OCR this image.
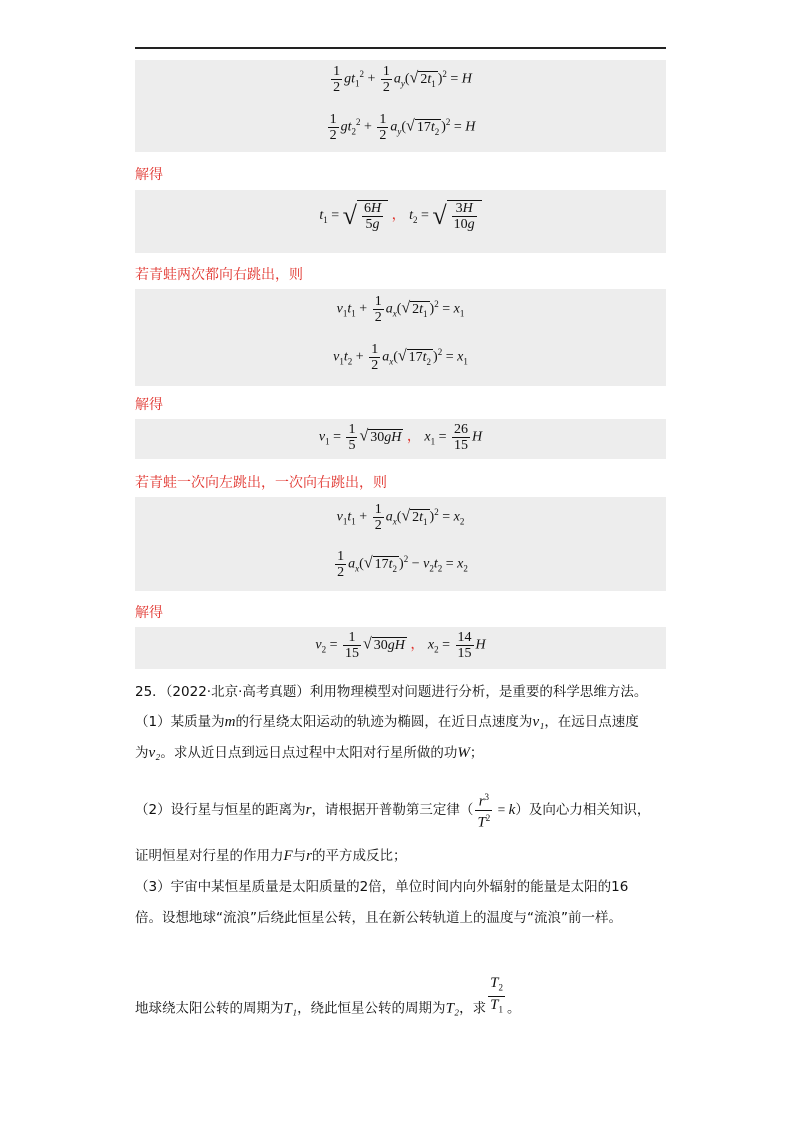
$\frac{1}{2} gt_1^2 + \frac{1}{2} a_y(√$ $2t_1$ )$^2$ = H
$\frac{1}{2} gt_2^2 + \frac{1}{2} a_y(√$ $17t_2$ )$^2$ = H
解得
$t_1$ = √ $\frac{6H}{5g}$ ， $t_2$ = √ $\frac{3H}{10g}$
若青蛙两次都向右跳出，则
$v_1t_1 + \frac{1}{2} a_x(√$ $2t_1$ )$^2 = x_1$
$v_1t_2 + \frac{1}{2} a_x(√$ $17t_2$ )$^2 = x_1$
解得
$v_1 = \frac{1}{5}$ √ 30gH ， $x_1 = \frac{26}{15}$ H
若青蛙一次向左跳出，一次向右跳出，则
$v_1t_1 + \frac{1}{2} a_x(√$ $2t_1$ )$^2 = x_2$
$\frac{1}{2} a_x(√$ $17t_2$ )$^2 - v_2t_2 = x_2$
解得
$v_2 = \frac{1}{15}$ √ 30gH ， $x_2 = \frac{14}{15}$ H
25．（2022·北京·高考真题）利用物理模型对问题进行分析，是重要的科学思维方法。
（1）某质量为m的行星绕太阳运动的轨迹为椭圆，在近日点速度为v₁，在远日点速度
为v₂。求从近日点到远日点过程中太阳对行星所做的功W；
（2）设行星与恒星的距离为r，请根据开普勒第三定律（ $\frac{r^3}{T^2} = k$）及向心力相关知识，
证明恒星对行星的作用力F与r的平方成反比；
（3）宇宙中某恒星质量是太阳质量的2倍，单位时间内向外辐射的能量是太阳的16
倍。设想地球“流浪”后绕此恒星公转，且在新公转轨道上的温度与“流浪”前一样。
地球绕太阳公转的周期为T₁，绕此恒星公转的周期为T₂，求 $\frac{T_2}{T_1}$ 。
